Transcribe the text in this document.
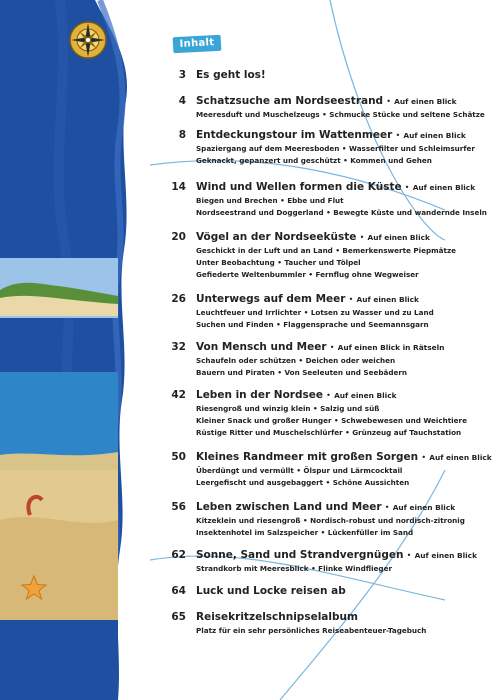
Inhalt
3 Es geht los!
4 Schatzsuche am Nordseestrand • Auf einen Blick
Meeresduft und Muschelzeugs • Schmucke Stücke und seltene Schätze
8 Entdeckungstour im Wattenmeer • Auf einen Blick
Spaziergang auf dem Meeresboden • Wasserfilter und Schleimsurfer
Geknackt, gepanzert und geschützt • Kommen und Gehen
14 Wind und Wellen formen die Küste • Auf einen Blick
Biegen und Brechen • Ebbe und Flut
Nordseestrand und Doggerland • Bewegte Küste und wandernde Inseln
20 Vögel an der Nordseeküste • Auf einen Blick
Geschickt in der Luft und an Land • Bemerkenswerte Piepmätze
Unter Beobachtung • Taucher und Tölpel
Gefiederte Weltenbummler • Fernflug ohne Wegweiser
26 Unterwegs auf dem Meer • Auf einen Blick
Leuchtfeuer und Irrlichter • Lotsen zu Wasser und zu Land
Suchen und Finden • Flaggensprache und Seemannsgarn
32 Von Mensch und Meer • Auf einen Blick in Rätseln
Schaufeln oder schützen • Deichen oder weichen
Bauern und Piraten • Von Seeleuten und Seebädern
42 Leben in der Nordsee • Auf einen Blick
Riesengroß und winzig klein • Salzig und süß
Kleiner Snack und großer Hunger • Schwebewesen und Weichtiere
Rüstige Ritter und Muschelschlürfer • Grünzeug auf Tauchstation
50 Kleines Randmeer mit großen Sorgen • Auf einen Blick
Überdüngt und vermüllt • Ölspur und Lärmcocktail
Leergefischt und ausgebaggert • Schöne Aussichten
56 Leben zwischen Land und Meer • Auf einen Blick
Kitzeklein und riesengroß • Nordisch-robust und nordisch-zitronig
Insektenhotel im Salzspeicher • Lückenfüller im Sand
62 Sonne, Sand und Strandvergnügen • Auf einen Blick
Strandkorb mit Meeresblick • Flinke Windflieger
64 Luck und Locke reisen ab
65 Reisekritzelschnipselalbum
Platz für ein sehr persönliches Reiseabenteuer-Tagebuch
